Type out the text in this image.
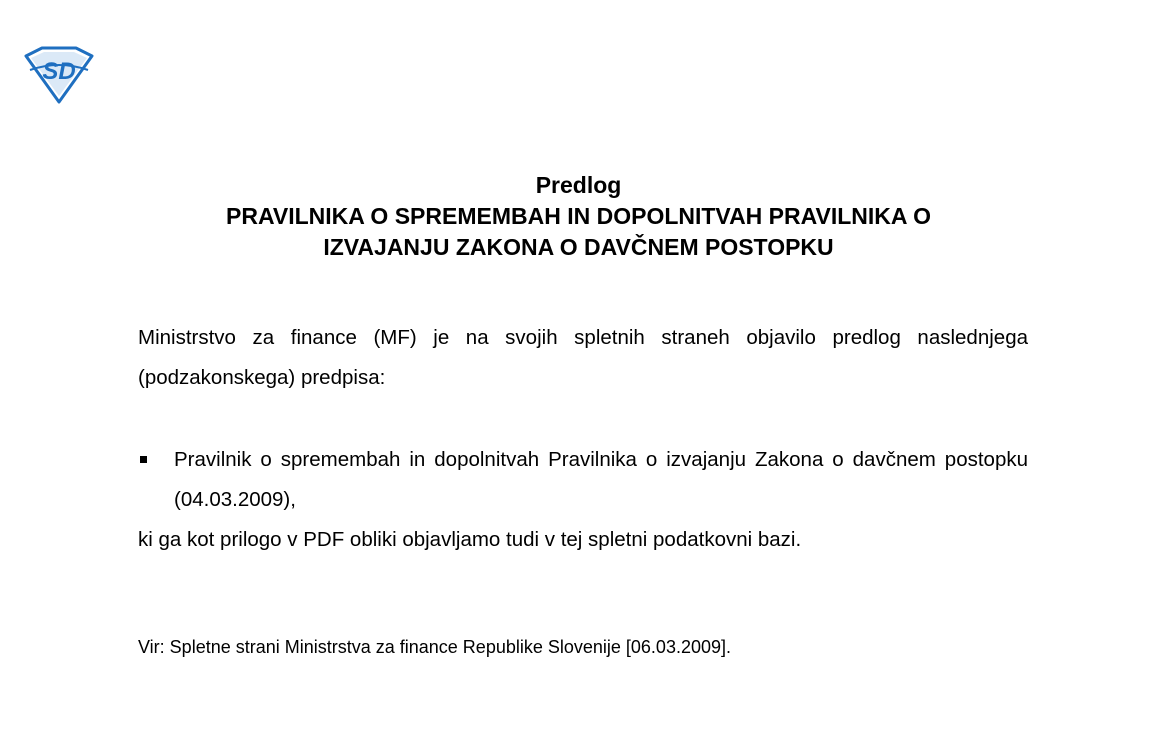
SD
Predlog
PRAVILNIKA O SPREMEMBAH IN DOPOLNITVAH PRAVILNIKA O
IZVAJANJU ZAKONA O DAVČNEM POSTOPKU

Ministrstvo za finance (MF) je na svojih spletnih straneh objavilo predlog naslednjega (podzakonskega) predpisa:

Pravilnik o spremembah in dopolnitvah Pravilnika o izvajanju Zakona o davčnem postopku (04.03.2009),

ki ga kot prilogo v PDF obliki objavljamo tudi v tej spletni podatkovni bazi.

Vir: Spletne strani Ministrstva za finance Republike Slovenije [06.03.2009].
